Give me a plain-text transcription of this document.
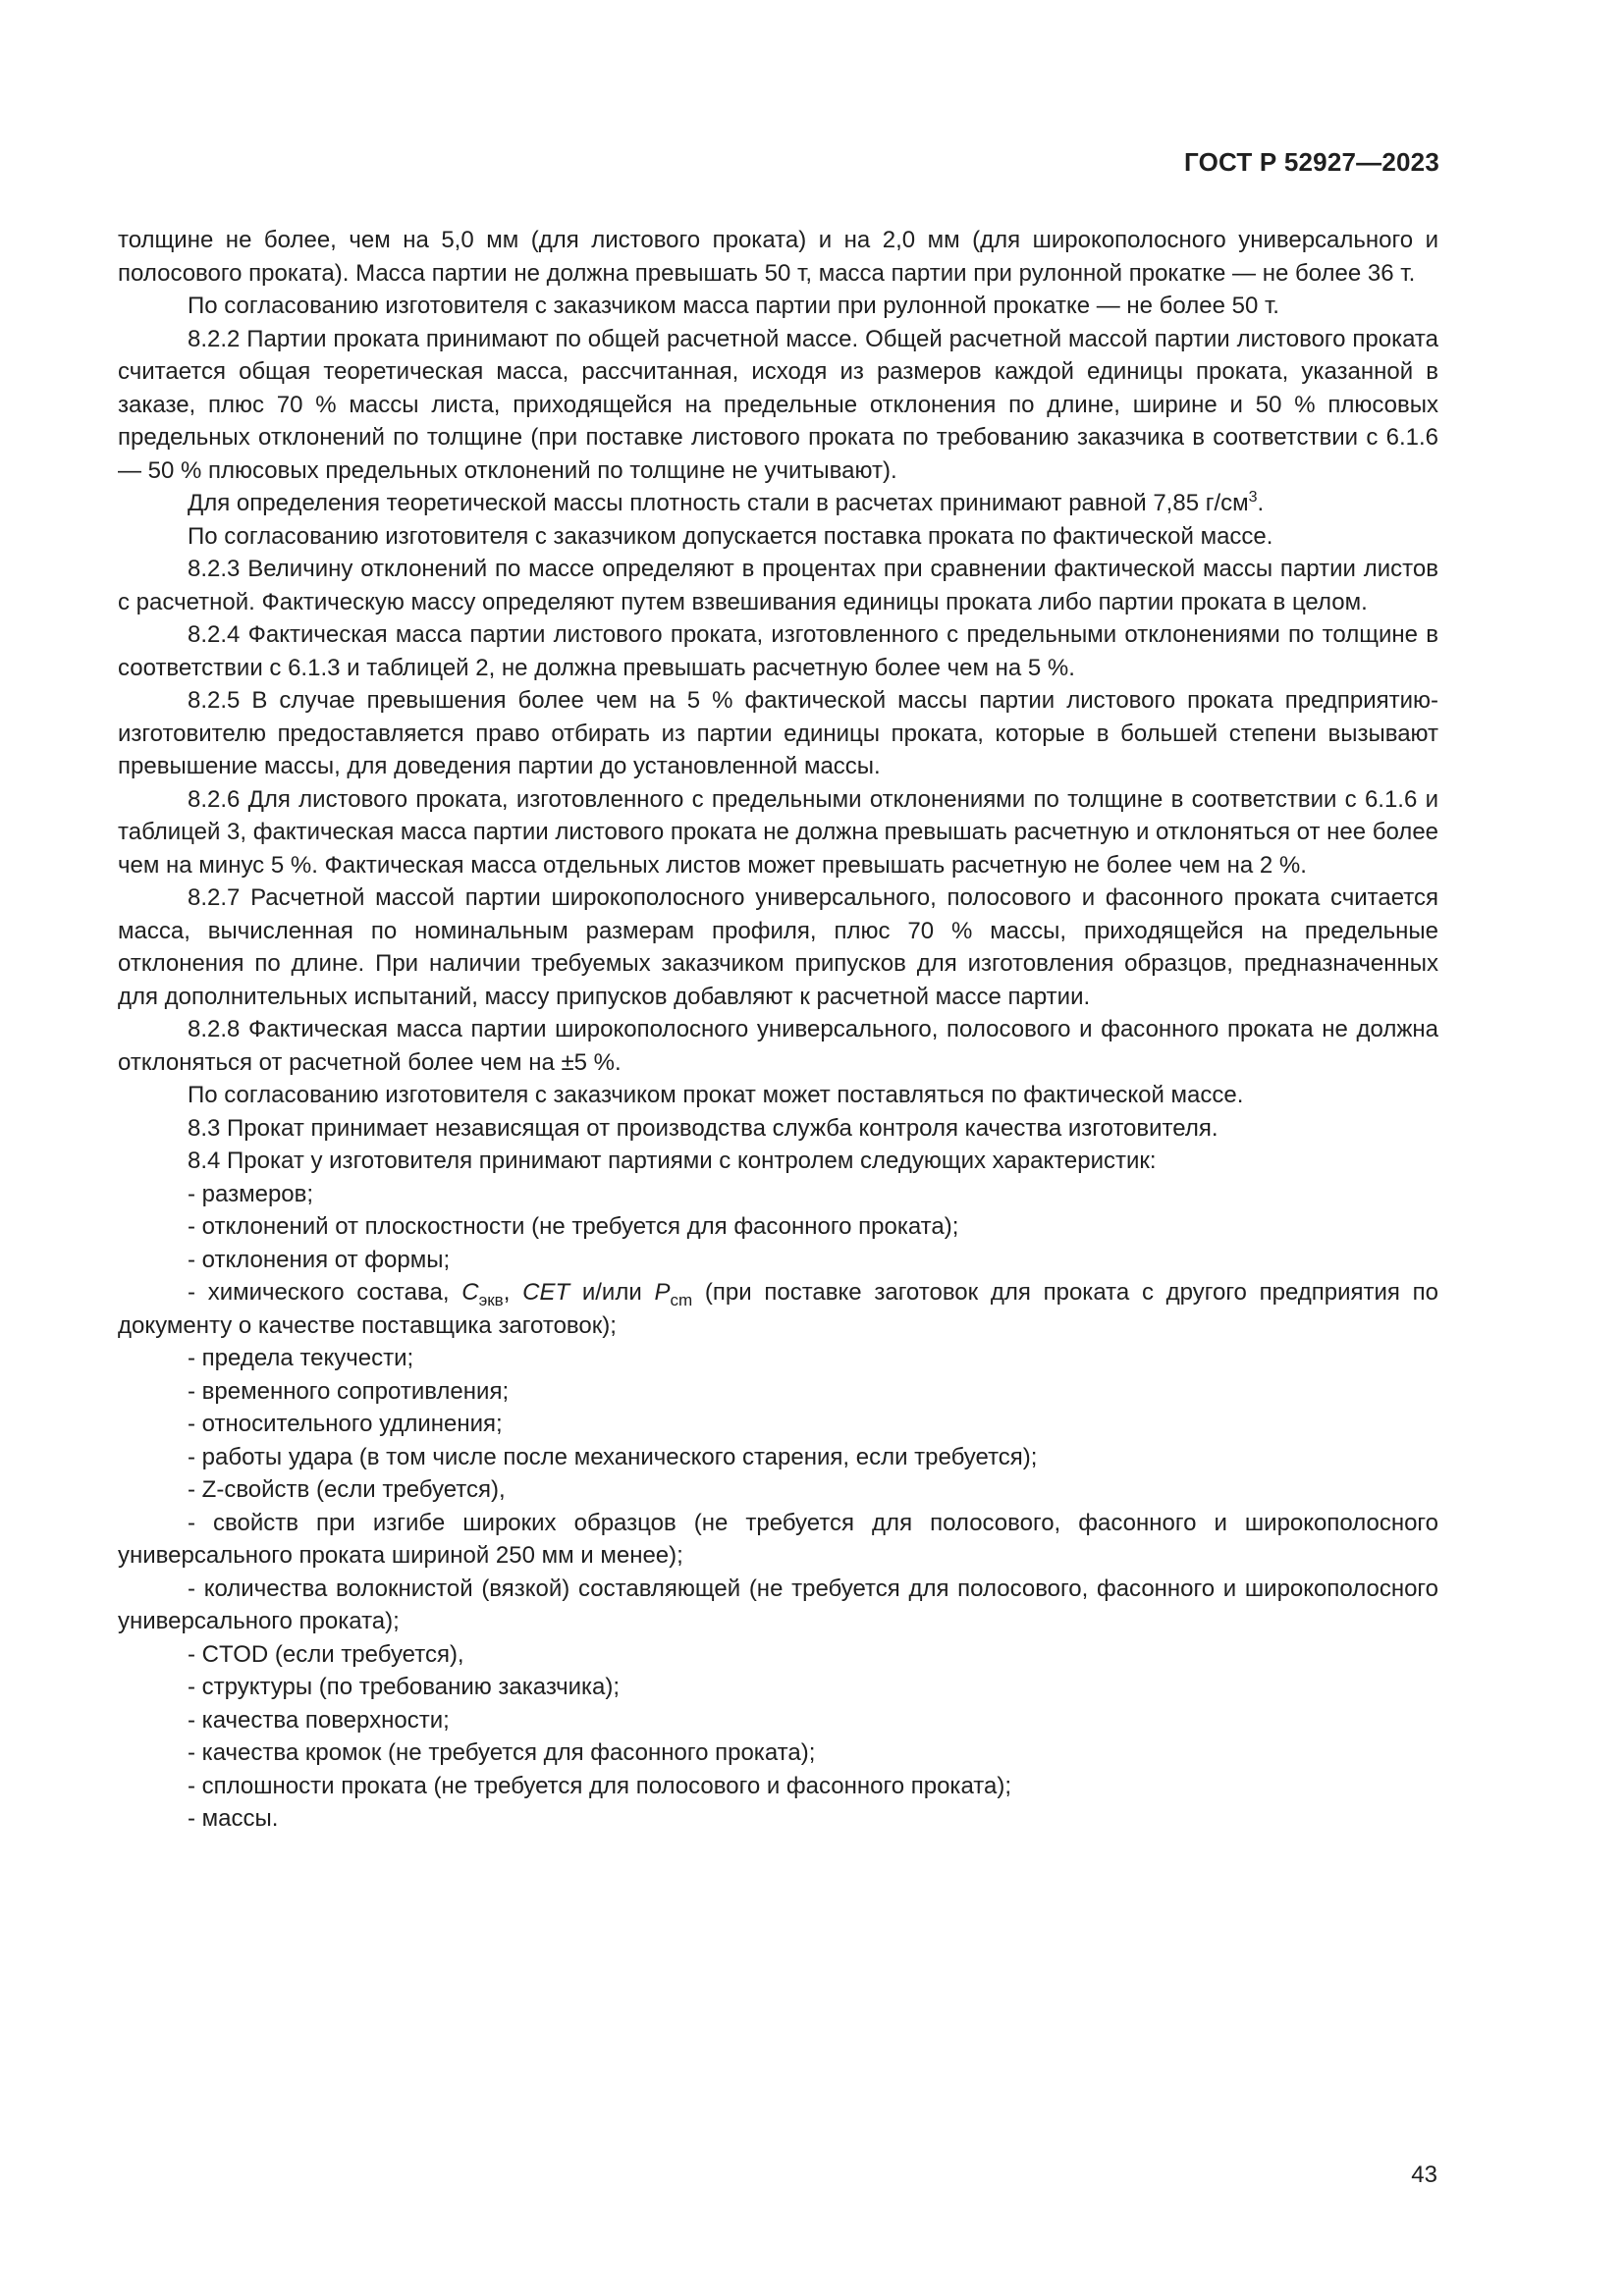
ГОСТ Р 52927—2023

толщине не более, чем на 5,0 мм (для листового проката) и на 2,0 мм (для широкополосного универсального и полосового проката). Масса партии не должна превышать 50 т, масса партии при рулонной прокатке — не более 36 т.

По согласованию изготовителя с заказчиком масса партии при рулонной прокатке — не более 50 т.

8.2.2 Партии проката принимают по общей расчетной массе. Общей расчетной массой партии листового проката считается общая теоретическая масса, рассчитанная, исходя из размеров каждой единицы проката, указанной в заказе, плюс 70 % массы листа, приходящейся на предельные отклонения по длине, ширине и 50 % плюсовых предельных отклонений по толщине (при поставке листового проката по требованию заказчика в соответствии с 6.1.6 — 50 % плюсовых предельных отклонений по толщине не учитывают).

Для определения теоретической массы плотность стали в расчетах принимают равной 7,85 $г/см^3$.

По согласованию изготовителя с заказчиком допускается поставка проката по фактической массе.

8.2.3 Величину отклонений по массе определяют в процентах при сравнении фактической массы партии листов с расчетной. Фактическую массу определяют путем взвешивания единицы проката либо партии проката в целом.

8.2.4 Фактическая масса партии листового проката, изготовленного с предельными отклонениями по толщине в соответствии с 6.1.3 и таблицей 2, не должна превышать расчетную более чем на 5 %.

8.2.5 В случае превышения более чем на 5 % фактической массы партии листового проката предприятию-изготовителю предоставляется право отбирать из партии единицы проката, которые в большей степени вызывают превышение массы, для доведения партии до установленной массы.

8.2.6 Для листового проката, изготовленного с предельными отклонениями по толщине в соответствии с 6.1.6 и таблицей 3, фактическая масса партии листового проката не должна превышать расчетную и отклоняться от нее более чем на минус 5 %. Фактическая масса отдельных листов может превышать расчетную не более чем на 2 %.

8.2.7 Расчетной массой партии широкополосного универсального, полосового и фасонного проката считается масса, вычисленная по номинальным размерам профиля, плюс 70 % массы, приходящейся на предельные отклонения по длине. При наличии требуемых заказчиком припусков для изготовления образцов, предназначенных для дополнительных испытаний, массу припусков добавляют к расчетной массе партии.

8.2.8 Фактическая масса партии широкополосного универсального, полосового и фасонного проката не должна отклоняться от расчетной более чем на ±5 %.

По согласованию изготовителя с заказчиком прокат может поставляться по фактической массе.

8.3 Прокат принимает независящая от производства служба контроля качества изготовителя.

8.4 Прокат у изготовителя принимают партиями с контролем следующих характеристик:

- размеров;

- отклонений от плоскостности (не требуется для фасонного проката);

- отклонения от формы;

- химического состава, $C_{экв}$, CET и/или $P_{cm}$ (при поставке заготовок для проката с другого предприятия по документу о качестве поставщика заготовок);

- предела текучести;

- временного сопротивления;

- относительного удлинения;

- работы удара (в том числе после механического старения, если требуется);

- Z-свойств (если требуется),

- свойств при изгибе широких образцов (не требуется для полосового, фасонного и широкополосного универсального проката шириной 250 мм и менее);

- количества волокнистой (вязкой) составляющей (не требуется для полосового, фасонного и широкополосного универсального проката);

- CTOD (если требуется),

- структуры (по требованию заказчика);

- качества поверхности;

- качества кромок (не требуется для фасонного проката);

- сплошности проката (не требуется для полосового и фасонного проката);

- массы.

43
